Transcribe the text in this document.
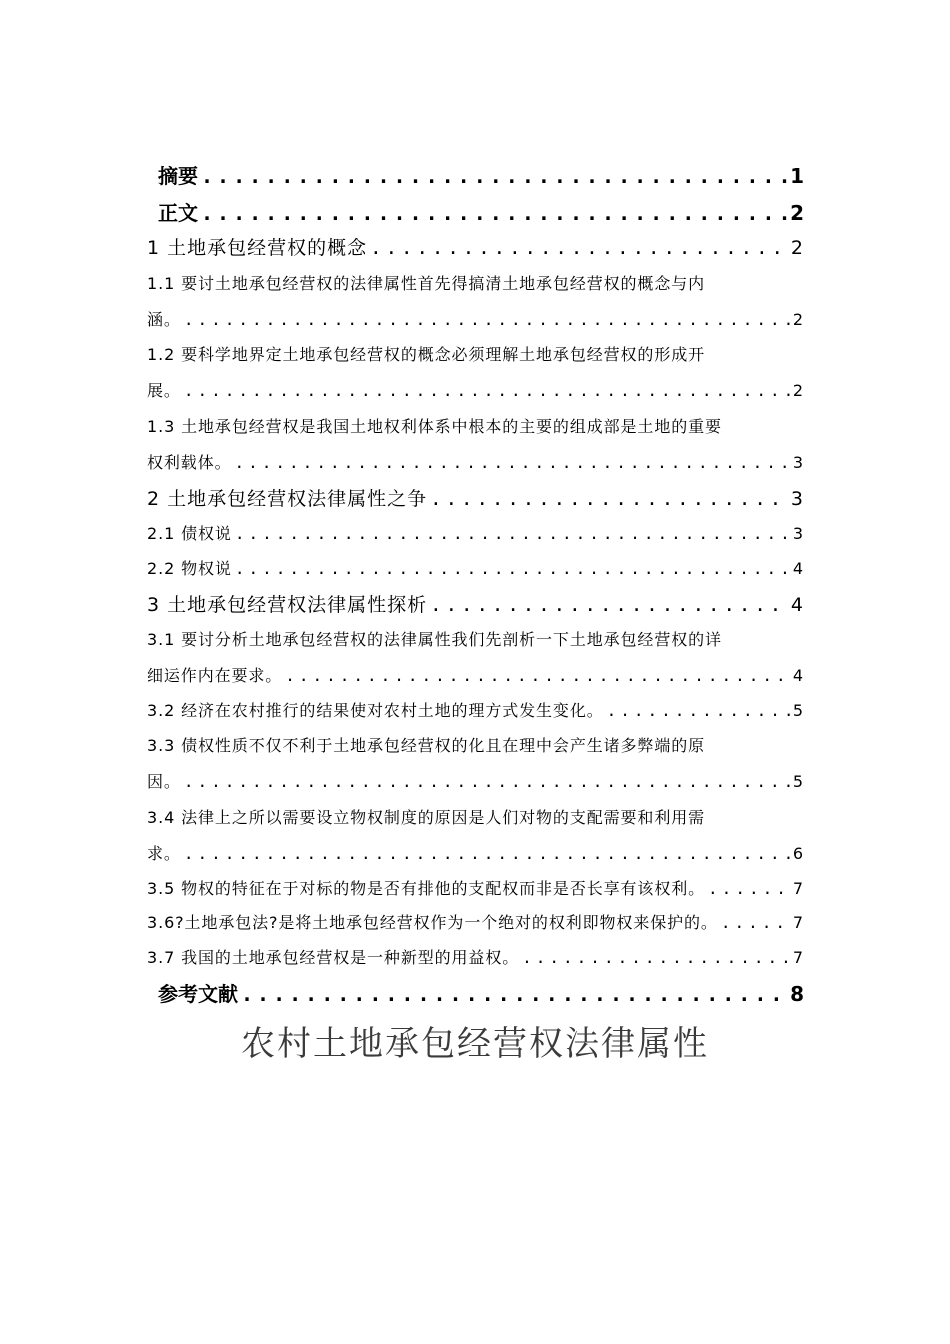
摘要 .....	1
正文 .....	2
1 土地承包经营权的概念 .....	2
1.1 要讨土地承包经营权的法律属性首先得搞清土地承包经营权的概念与内
涵。 .....	2
1.2 要科学地界定土地承包经营权的概念必须理解土地承包经营权的形成开
展。 .....	2
1.3 土地承包经营权是我国土地权利体系中根本的主要的组成部是土地的重要
权利载体。 .....	3
2 土地承包经营权法律属性之争 .....	3
2.1 债权说 .....	3
2.2 物权说 .....	4
3 土地承包经营权法律属性探析 .....	4
3.1 要讨分析土地承包经营权的法律属性我们先剖析一下土地承包经营权的详
细运作内在要求。 .....	4
3.2 经济在农村推行的结果使对农村土地的理方式发生变化。 .....	5
3.3 债权性质不仅不利于土地承包经营权的化且在理中会产生诸多弊端的原
因。 .....	5
3.4 法律上之所以需要设立物权制度的原因是人们对物的支配需要和利用需
求。 .....	6
3.5 物权的特征在于对标的物是否有排他的支配权而非是否长享有该权利。 .....	7
3.6?土地承包法?是将土地承包经营权作为一个绝对的权利即物权来保护的。 .....	7
3.7 我国的土地承包经营权是一种新型的用益权。 .....	7
参考文献 .....	8
农村土地承包经营权法律属性
